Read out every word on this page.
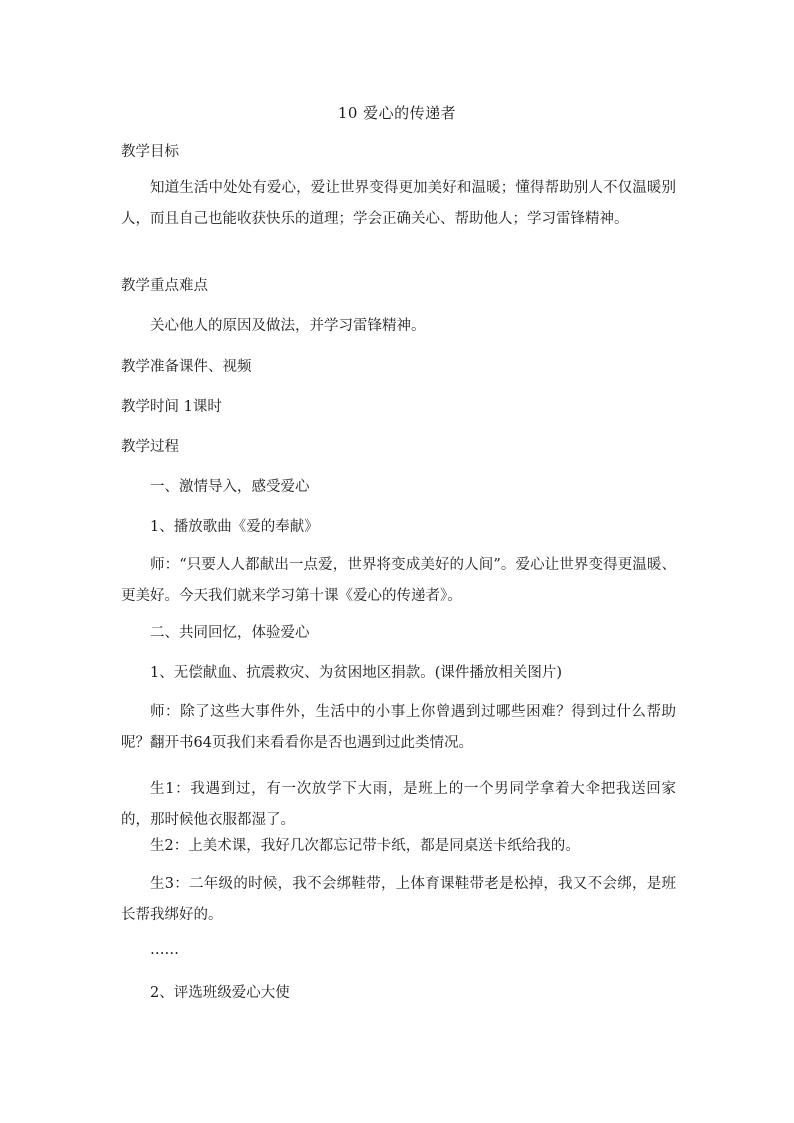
10 爱心的传递者
教学目标

知道生活中处处有爱心，爱让世界变得更加美好和温暖；懂得帮助别人不仅温暖别人，而且自己也能收获快乐的道理；学会正确关心、帮助他人；学习雷锋精神。

教学重点难点

关心他人的原因及做法，并学习雷锋精神。

教学准备课件、视频
教学时间 1课时
教学过程

一、激情导入，感受爱心

1、播放歌曲《爱的奉献》

师：“只要人人都献出一点爱，世界将变成美好的人间”。爱心让世界变得更温暖、更美好。今天我们就来学习第十课《爱心的传递者》。

二、共同回忆，体验爱心

1、无偿献血、抗震救灾、为贫困地区捐款。(课件播放相关图片)

师：除了这些大事件外，生活中的小事上你曾遇到过哪些困难？得到过什么帮助呢？翻开书64页我们来看看你是否也遇到过此类情况。

生1：我遇到过，有一次放学下大雨，是班上的一个男同学拿着大伞把我送回家的，那时候他衣服都湿了。

生2：上美术课，我好几次都忘记带卡纸，都是同桌送卡纸给我的。

生3：二年级的时候，我不会绑鞋带，上体育课鞋带老是松掉，我又不会绑，是班长帮我绑好的。

……

2、评选班级爱心大使
